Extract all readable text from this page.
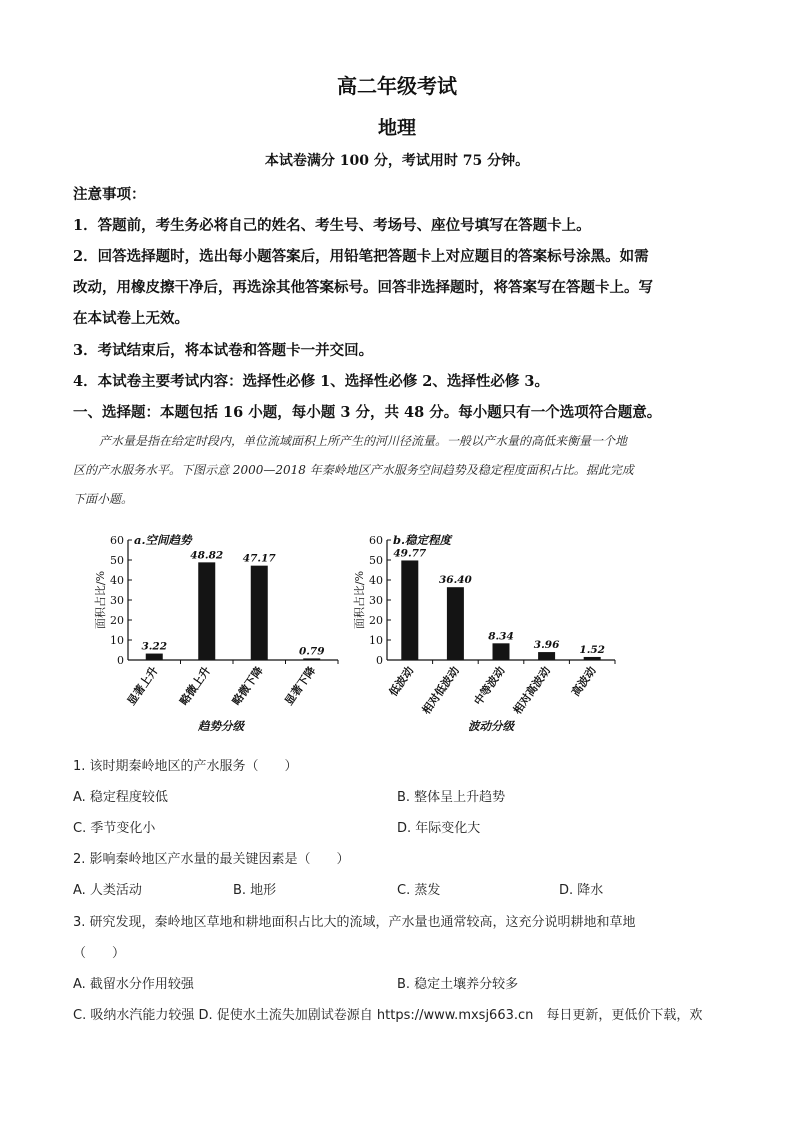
高二年级考试
地理
本试卷满分 100 分，考试用时 75 分钟。
注意事项：
1．答题前，考生务必将自己的姓名、考生号、考场号、座位号填写在答题卡上。
2．回答选择题时，选出每小题答案后，用铅笔把答题卡上对应题目的答案标号涂黑。如需
改动，用橡皮擦干净后，再选涂其他答案标号。回答非选择题时，将答案写在答题卡上。写
在本试卷上无效。
3．考试结束后，将本试卷和答题卡一并交回。
4．本试卷主要考试内容：选择性必修 1、选择性必修 2、选择性必修 3。
一、选择题：本题包括 16 小题，每小题 3 分，共 48 分。每小题只有一个选项符合题意。
产水量是指在给定时段内，单位流域面积上所产生的河川径流量。一般以产水量的高低来衡量一个地
区的产水服务水平。下图示意 2000—2018 年秦岭地区产水服务空间趋势及稳定程度面积占比。据此完成
下面小题。
0
10
20
30
40
50
60 a.空间趋势
面积占比/%
3.22
显著上升
48.82
略微上升
47.17
略微下降
0.79
显著下降
趋势分级
0
10
20
30
40
50
60 b.稳定程度
面积占比/%
49.77
低波动
36.40
相对低波动
8.34
中等波动
3.96
相对高波动
1.52
高波动
波动分级
1. 该时期秦岭地区的产水服务（　　）
A. 稳定程度较低	B. 整体呈上升趋势
C. 季节变化小	D. 年际变化大
2. 影响秦岭地区产水量的最关键因素是（　　）
A. 人类活动	B. 地形	C. 蒸发	D. 降水
3. 研究发现，秦岭地区草地和耕地面积占比大的流域，产水量也通常较高，这充分说明耕地和草地
（　　）
A. 截留水分作用较强	B. 稳定土壤养分较多
C. 吸纳水汽能力较强 D. 促使水土流失加剧试卷源自 https://www.mxsj663.cn　每日更新，更低价下载，欢
